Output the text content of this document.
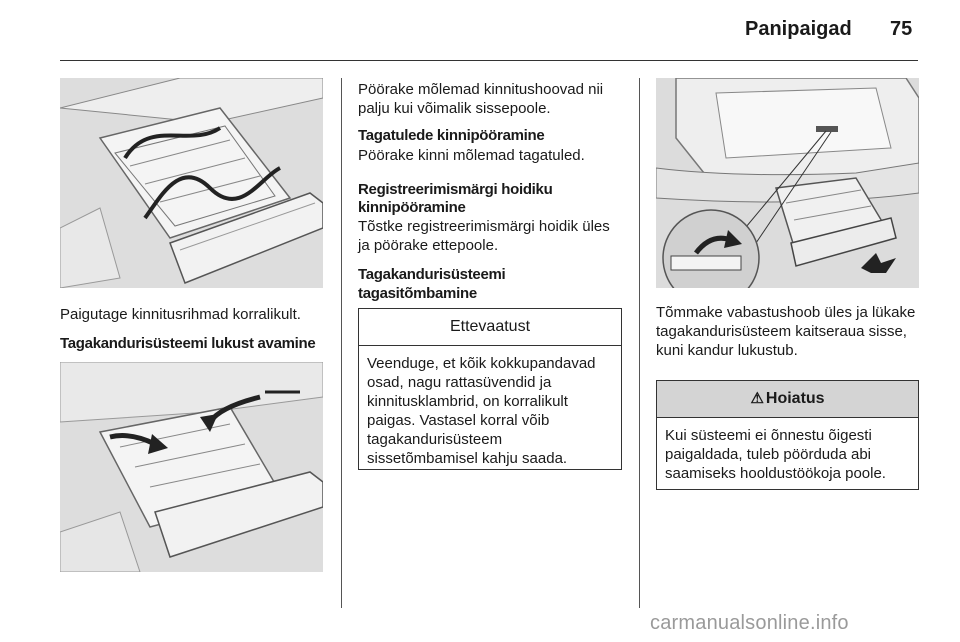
Panipaigad 75
Paigutage kinnitusrihmad korralikult.
Tagakandurisüsteemi lukust avamine
Pöörake mõlemad kinnitushoovad nii palju kui võimalik sissepoole.
Tagatulede kinnipööramine
Pöörake kinni mõlemad tagatuled.
Registreerimismärgi hoidiku
kinnipööramine
Tõstke registreerimismärgi hoidik üles ja pöörake ettepoole.
Tagakandurisüsteemi
tagasitõmbamine
Ettevaatust
Veenduge, et kõik kokkupandavad osad, nagu rattasüvendid ja kinnitusklambrid, on korralikult paigas. Vastasel korral võib tagakandurisüsteem sissetõmbamisel kahju saada.
Tõmmake vabastushoob üles ja lükake tagakandurisüsteem kaitseraua sisse, kuni kandur lukustub.
⚠ Hoiatus
Kui süsteemi ei õnnestu õigesti paigaldada, tuleb pöörduda abi saamiseks hooldustöökoja poole.
carmanualsonline.info
